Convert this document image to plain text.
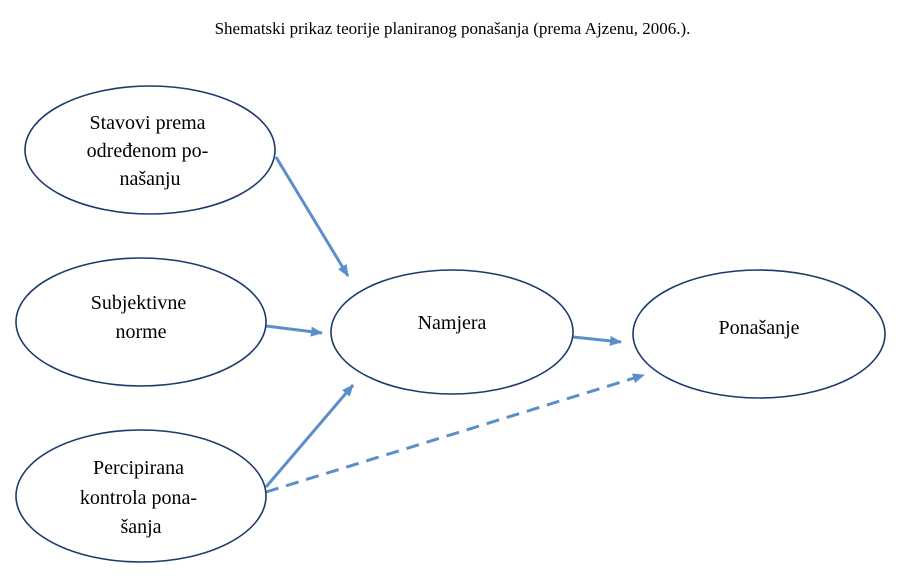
Shematski prikaz teorije planiranog ponašanja (prema Ajzenu, 2006.).
Stavovi prema određenom po- našanju
Subjektivne norme
Percipirana kontrola pona- šanja
Namjera	Ponašanje
